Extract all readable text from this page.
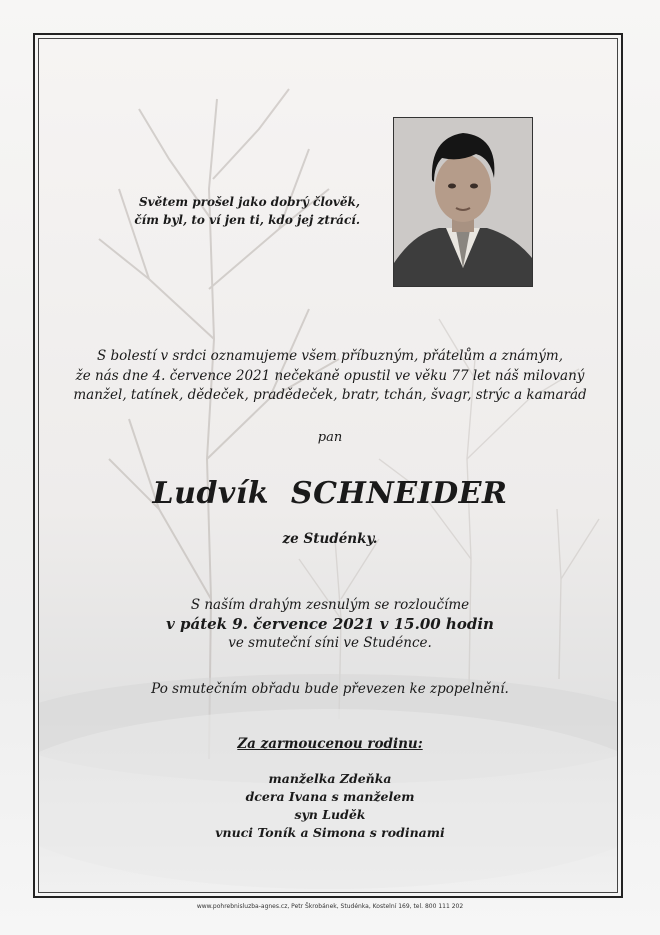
Světem prošel jako dobrý člověk,
čím byl, to ví jen ti, kdo jej ztrácí.
S bolestí v srdci oznamujeme všem příbuzným, přátelům a známým,
že nás dne 4. července 2021 nečekaně opustil ve věku 77 let náš milovaný
manžel, tatínek, dědeček, pradědeček, bratr, tchán, švagr, strýc a kamarád
pan
Ludvík  SCHNEIDER
ze Studénky.
S naším drahým zesnulým se rozloučíme
v pátek 9. července 2021 v 15.00 hodin
ve smuteční síni ve Studénce.
Po smutečním obřadu bude převezen ke zpopelnění.
Za zarmoucenou rodinu:
manželka Zdeňka
dcera Ivana s manželem
syn Luděk
vnuci Toník a Simona s rodinami
www.pohrebnisluzba-agnes.cz, Petr Škrobánek, Studénka, Kostelní 169, tel. 800 111 202
